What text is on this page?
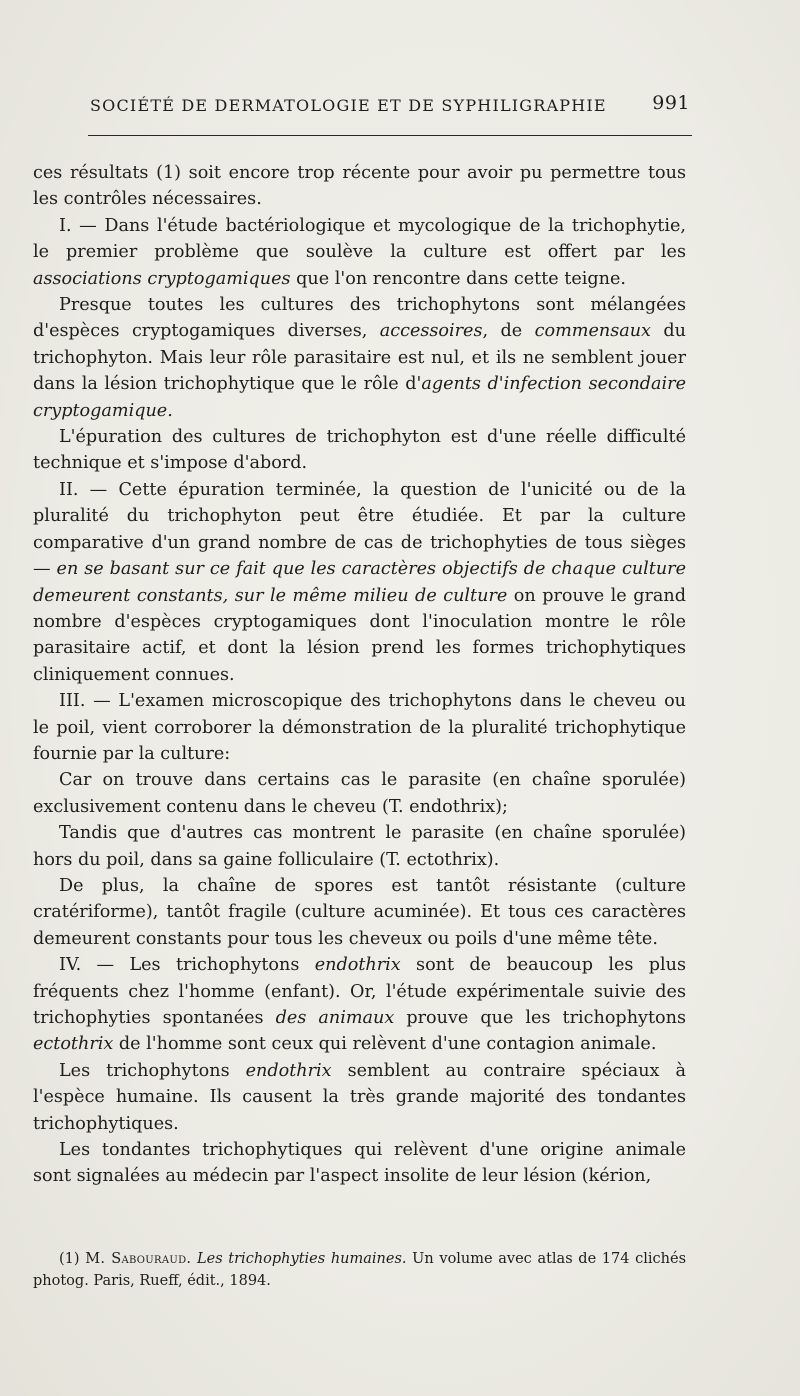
SOCIÉTÉ DE DERMATOLOGIE ET DE SYPHILIGRAPHIE 991

ces résultats (1) soit encore trop récente pour avoir pu permettre tous les contrôles nécessaires.

I. — Dans l'étude bactériologique et mycologique de la trichophytie, le premier problème que soulève la culture est offert par les associations cryptogamiques que l'on rencontre dans cette teigne.

Presque toutes les cultures des trichophytons sont mélangées d'espèces cryptogamiques diverses, accessoires, de commensaux du trichophyton. Mais leur rôle parasitaire est nul, et ils ne semblent jouer dans la lésion trichophytique que le rôle d'agents d'infection secondaire cryptogamique.

L'épuration des cultures de trichophyton est d'une réelle difficulté technique et s'impose d'abord.

II. — Cette épuration terminée, la question de l'unicité ou de la pluralité du trichophyton peut être étudiée. Et par la culture comparative d'un grand nombre de cas de trichophyties de tous sièges — en se basant sur ce fait que les caractères objectifs de chaque culture demeurent constants, sur le même milieu de culture on prouve le grand nombre d'espèces cryptogamiques dont l'inoculation montre le rôle parasitaire actif, et dont la lésion prend les formes trichophytiques cliniquement connues.

III. — L'examen microscopique des trichophytons dans le cheveu ou le poil, vient corroborer la démonstration de la pluralité trichophytique fournie par la culture:

Car on trouve dans certains cas le parasite (en chaîne sporulée) exclusivement contenu dans le cheveu (T. endothrix);

Tandis que d'autres cas montrent le parasite (en chaîne sporulée) hors du poil, dans sa gaine folliculaire (T. ectothrix).

De plus, la chaîne de spores est tantôt résistante (culture cratériforme), tantôt fragile (culture acuminée). Et tous ces caractères demeurent constants pour tous les cheveux ou poils d'une même tête.

IV. — Les trichophytons endothrix sont de beaucoup les plus fréquents chez l'homme (enfant). Or, l'étude expérimentale suivie des trichophyties spontanées des animaux prouve que les trichophytons ectothrix de l'homme sont ceux qui relèvent d'une contagion animale.

Les trichophytons endothrix semblent au contraire spéciaux à l'espèce humaine. Ils causent la très grande majorité des tondantes trichophytiques.

Les tondantes trichophytiques qui relèvent d'une origine animale sont signalées au médecin par l'aspect insolite de leur lésion (kérion,

(1) M. Sabouraud. Les trichophyties humaines. Un volume avec atlas de 174 clichés photog. Paris, Rueff, édit., 1894.
